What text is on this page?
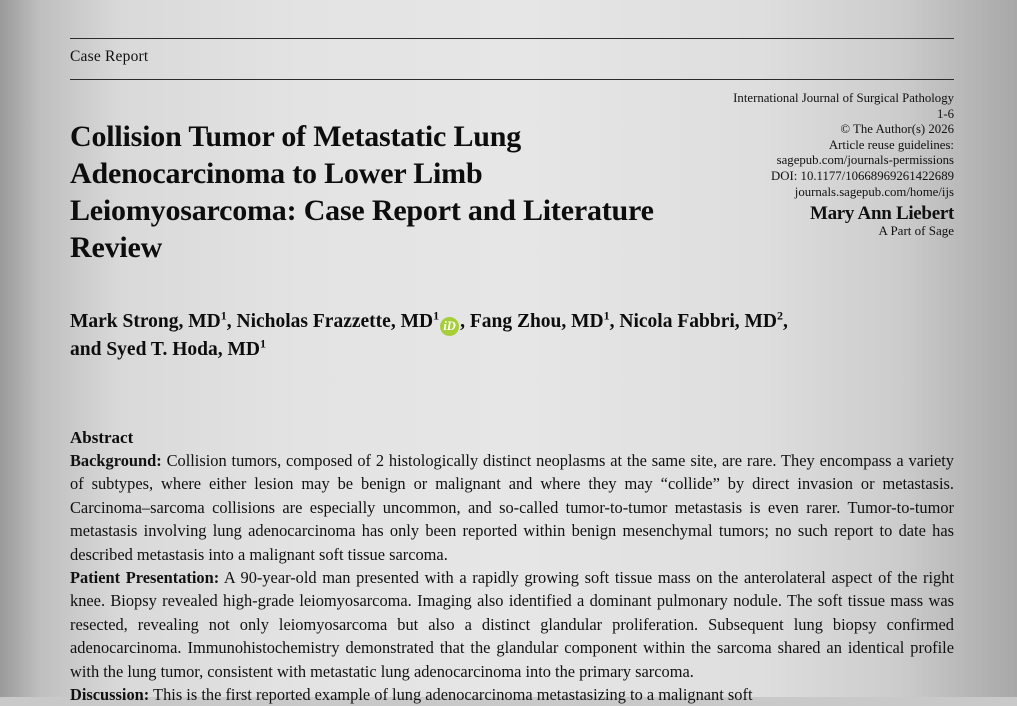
Case Report
Collision Tumor of Metastatic Lung Adenocarcinoma to Lower Limb Leiomyosarcoma: Case Report and Literature Review
International Journal of Surgical Pathology
1-6
© The Author(s) 2026
Article reuse guidelines:
sagepub.com/journals-permissions
DOI: 10.1177/10668969261422689
journals.sagepub.com/home/ijs
Mary Ann Liebert
A Part of Sage
Mark Strong, $MD^1$, Nicholas Frazzette, $MD^1iD$ , Fang Zhou, $MD^1$, Nicola Fabbri, $MD^2$,
and Syed T. Hoda, $MD^1$
Abstract

Background: Collision tumors, composed of 2 histologically distinct neoplasms at the same site, are rare. They encompass a variety of subtypes, where either lesion may be benign or malignant and where they may “collide” by direct invasion or metastasis. Carcinoma–sarcoma collisions are especially uncommon, and so-called tumor-to-tumor metastasis is even rarer. Tumor-to-tumor metastasis involving lung adenocarcinoma has only been reported within benign mesenchymal tumors; no such report to date has described metastasis into a malignant soft tissue sarcoma.

Patient Presentation: A 90-year-old man presented with a rapidly growing soft tissue mass on the anterolateral aspect of the right knee. Biopsy revealed high-grade leiomyosarcoma. Imaging also identified a dominant pulmonary nodule. The soft tissue mass was resected, revealing not only leiomyosarcoma but also a distinct glandular proliferation. Subsequent lung biopsy confirmed adenocarcinoma. Immunohistochemistry demonstrated that the glandular component within the sarcoma shared an identical profile with the lung tumor, consistent with metastatic lung adenocarcinoma into the primary sarcoma.

Discussion: This is the first reported example of lung adenocarcinoma metastasizing to a malignant soft
